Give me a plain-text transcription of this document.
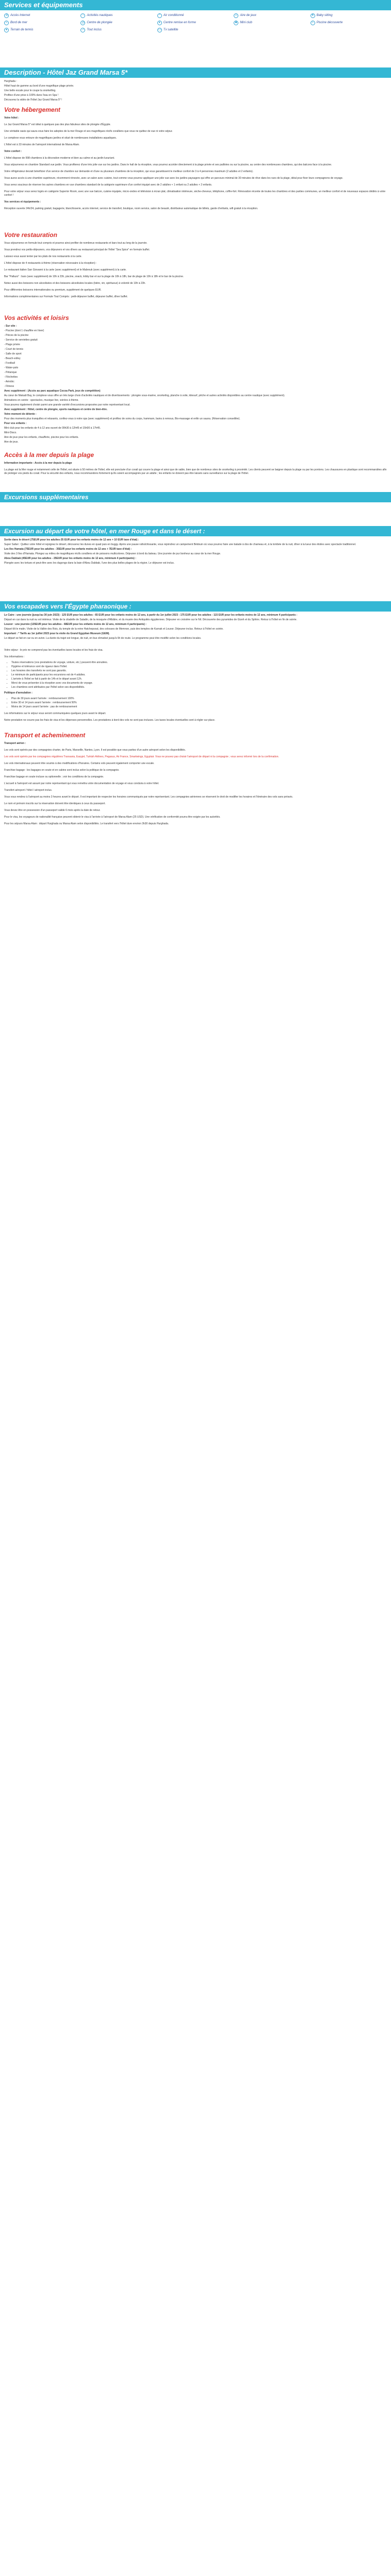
Services et équipements
≋ Accès Internet	~ Activités nautiques	*	Air conditionné	☺ Aire de jeux	♥ Baby sitting
≈ Bord de mer	◎ Centre de plongée	♦ Centre remise en forme	☻ Mini club	≈ Piscine découverte
● Terrain de tennis	✓ Tout inclus	▭ Tv satellite
Description - Hôtel Jaz Grand Marsa 5*

Hurghada :

Hôtel haut de gamme au bord d'une magnifique plage privée.

Une belle escale pour le coupe la snorkelling.

Profitez d'une prise à 100% dans l'eau en Spa !

Découvrez la vidéo de l'hôtel Jaz Grand Marsa 5* !

Votre hébergement

Votre hôtel :

Le Jaz Grand Marsa 5* est idéal à quelques pas des plus fabuleux sites de plongée d'Égypte.

Une véritable oasis qui saura vous faire les adeptes de la mer Rouge et ses magnifiques récifs coralliens que vous ne quittez de vue ni votre séjour.

Le complexe vous entoure de magnifiques jardins et situé de nombreuses installations aquatiques.

L'hôtel est à 33 minutes de l'aéroport international de Marsa Alam.

Votre confort :

L'hôtel dispose de 998 chambres à la décoration moderne et bien au calme et au jardin luxuriant.

Vous séjournerez en chambre Standard vue jardin. Vous profiterez d'une très jolie vue sur les jardins. Dans le hall de la réception, vous pourrez accéder directement à la plage privée et ses paillotes ou sur la piscine, au centre des nombreuses chambres, qui des balcons face à la piscine.

Votre réfrigérateur devrait bénéficier d'un service de chambre sur demande et d'une ou plusieurs chambres de la réception, qui vous garantissent le meilleur confort de 3 à 4 personnes maximum (2 adultes et 2 enfants).

Vous aurez accès à une chambre supérieure, récemment rénovée, avec un salon avec cuisine, tout comme vous pourrez appliquer une jolie vue avec les jardins paysagers qui offre un parcours minimal de 30 minutes de rêve dans les rues de la plage, idéal pour fixer leurs compagnons de voyage.

Vous serez soucieux de réserver les autres chambres en vue chambres standard de la catégorie supérieure d'un confort équipé avec de 2 adultes + 1 enfant ou 2 adultes + 2 enfants.

Pour votre séjour vous serez logés en catégorie Superior Room, avec une vue balcon, cuisine équipée, micro-ondes et télévision à écran plat, climatisation intérieure, sèche-cheveux, téléphone, coffre-fort. Rénovation récente de toutes les chambres et des parties communes, un meilleur confort et de nouveaux espaces dédiés à votre confort !

Vos services et équipements :

Réception ouverte 24h/24, parking gratuit, bagagerie, blanchisserie, accès internet, service de transfert, boutique, room service, salon de beauté, distributeur automatique de billets, garde d'enfants, wifi gratuit à la réception.

Votre restauration

Vous séjournerez en formule tout compris et pourrez ainsi profiter de nombreux restaurants et bars tout au long de la journée.

Vous prendrez vos petits-déjeuners, vos déjeuners et vos dîners au restaurant principal de l'hôtel "Sea Spice" en formule buffet.

Laissez-vous aussi tenter par les plats de nos restaurants à la carte.

L'hôtel dispose de 4 restaurants à thème (réservation nécessaire à la réception) :

Le restaurant italien San Giovanni à la carte (avec supplément) et le Mabrouk (avec supplément) à la carte.

Bar "Pallazo" : bars (avec supplément) de 10h à 23h, piscine, snack, lobby bar et sur la plage de 10h à 18h, bar de plage de 10h à 18h et le bar de la piscine.

Notez aussi des boissons non alcoolisées et des boissons alcoolisées locales (bière, vin, spiritueux) à volonté de 10h à 23h.

Pour différentes boissons internationales ou premium, supplément de quelques EUR.

Informations complémentaires sur Formule Tout Compris : petit-déjeuner buffet, déjeuner buffet, dîner buffet.

Vos activités et loisirs

- Sur site :

- Piscine (dont 1 chauffée en hiver)

- Pièces de la piscine

- Service de serviettes gratuit

- Plage privée

- Court de tennis

- Salle de sport

- Beach-volley

- Football

- Water-polo

- Pétanque

- Fléchettes

- Aérobic

- Fitness

Avec supplément : (Accès au parc aquatique Cocoa Park, jeux de compétition)

Au cœur de Makadi Bay, le complexe vous offre un très large choix d'activités nautiques et de divertissements : plongée sous-marine, snorkeling, planche à voile, kitesurf, pêche et autres activités disponibles au centre nautique (avec supplément).

Animations en soirée : spectacles, musique live, soirées à thème.

Vous pourrez également choisir parmi une grande variété d'excursions proposées par notre représentant local.

Avec supplément : Hôtel, centre de plongée, sports nautiques et centre de bien-être.

Votre moment de détente :

Pour des moments plus tranquilles et relaxants, confiez-vous à notre spa (avec supplément) et profitez de soins du corps, hammam, bains à remous, Bio-massage et enfin un sauna. (Réservation conseillée).

Pour vos enfants :

Mini club pour les enfants de 4 à 12 ans ouvert de 09h30 à 12h45 et 15h00 à 17h45.

Mini-Disco.

Aire de jeux pour les enfants, chaufferie, piscine pour les enfants.

Aire de jeux.

Accès à la mer depuis la plage

Information importante : Accès à la mer depuis la plage

La plage est la Mer rouge et notamment celle de l'hôtel, est située à 50 mètres de l'hôtel, elle est ponctuée d'un corail qui couvre la plage et ainsi que de sable, bien que de nombreux sites de snorkeling à proximité. Les clients peuvent se baigner depuis la plage ou par les pontons. Les chaussures en plastique sont recommandées afin de protéger vos pieds du corail. Pour la sécurité des enfants, nous recommandons fortement qu'ils soient accompagnés par un adulte ; les enfants ne doivent pas être laissés sans surveillance sur la plage de l'hôtel.

Excursions supplémentaires
Excursion au départ de votre hôtel, en mer Rouge et dans le désert :

Sortie dans le désert (75EUR pour les adultes-35 EUR pour les enfants moins de 12 ans + 10 EUR taxe d'état) :

Super Safari : Quittez votre hôtel et rejoignez le désert, découvrez les dunes en quad puis en buggy. Après une pause rafraîchissante, vous rejoindrez un campement Bédouin où vous pourrez faire une balade à dos de chameau et, à la tombée de la nuit, dîner à la lueur des étoiles avec spectacle traditionnel.

Les îles Hamata (75EUR pour les adultes - 35EUR pour les enfants moins de 12 ans + 7EUR taxe d'état) :

Visite des 3 îles d'Hamata. Plongez au milieu de magnifiques récifs coralliens et de poissons multicolores. Déjeuner à bord du bateau. Une journée de pur bonheur au cœur de la mer Rouge.

Abou Dabbab (45EUR pour les adultes - 25EUR pour les enfants moins de 12 ans, minimum 4 participants) :

Plongée avec les tortues et peut-être avec les dugongs dans la baie d'Abou Dabbab, l'une des plus belles plages de la région. Le déjeuner est inclus.

Vos escapades vers l'Égypte pharaonique :

Le Caire : une journée (jusqu'au 30 juin 2023) - 125 EUR pour les adultes - 65 EUR pour les enfants moins de 12 ans, à partir du 1er juillet 2023 : 175 EUR pour les adultes - 115 EUR pour les enfants moins de 12 ans, minimum 4 participants :

Départ en car dans la nuit ou vol intérieur. Visite de la citadelle de Saladin, de la mosquée d'Albâtre, et du musée des Antiquités égyptiennes. Déjeuner en croisière sur le Nil. Découverte des pyramides de Gizeh et du Sphinx. Retour à l'hôtel en fin de soirée.

Louxor : une journée (135EUR pour les adultes - 68EUR pour les enfants moins de 12 ans, minimum 4 participants) :

Départ tôt le matin. Visite de la Vallée des Rois, du temple de la reine Hatchepsout, des colosses de Memnon, puis des temples de Karnak et Louxor. Déjeuner inclus. Retour à l'hôtel en soirée.

Important : * Tarifs au 1er juillet 2023 pour la visite du Grand Egyptian Museum (GEM).

Le départ se fait en car ou en avion. La durée du trajet est longue, de nuit, en bus climatisé jusqu'à 6h de route. Le programme peut être modifié selon les conditions locales.

Votre séjour : le prix ne comprend pas les éventuelles taxes locales et les frais de visa.

Vos informations :

• Toutes réservations (vos prestations de voyage, voiture, etc.) peuvent être annulées.
• Hygiène et tolérance sont de rigueur dans l'hôtel.
• Les horaires des transferts ne sont pas garantis.
• Le minimum de participants pour les excursions est de 4 adultes.
• L'arrivée à l'hôtel se fait à partir de 14h et le départ avant 12h.
• Merci de vous présenter à la réception avec vos documents de voyage.
• Les chambres sont attribuées par l'hôtel selon ses disponibilités.

Politique d'annulation :

• Plus de 30 jours avant l'arrivée : remboursement 100%
• Entre 30 et 14 jours avant l'arrivée : remboursement 50%
• Moins de 14 jours avant l'arrivée : pas de remboursement

Les informations sur le séjour vous seront communiquées quelques jours avant le départ.

Notre prestation ne couvre pas les frais de visa et les dépenses personnelles. Les prestations à bord des vols ne sont pas incluses. Les taxes locales éventuelles sont à régler sur place.

Transport et acheminement

Transport aérien :

Les vols sont opérés par des compagnies charter, de Paris, Marseille, Nantes, Lyon. Il est possible que vous partiez d'un autre aéroport selon les disponibilités.

Les vols sont opérés par les compagnies régulières Transavia, Easyjet, Turkish Airlines, Pegasus, Air France, Smartwings, Egyptair. Vous ne pouvez pas choisir l'aéroport de départ ni la compagnie ; vous serez informé lors de la confirmation.

Les vols internationaux peuvent être soumis à des modifications d'horaires. Certains vols peuvent également comporter une escale.

Franchise bagage : les bagages en soute et en cabine sont inclus selon la politique de la compagnie.

Franchise bagage en soute incluse ou optionnelle ; voir les conditions de la compagnie.

L'accueil à l'aéroport est assuré par notre représentant qui vous remettra votre documentation de voyage et vous conduira à votre hôtel.

Transfert aéroport / hôtel / aéroport inclus.

Vous vous rendrez à l'aéroport au moins 3 heures avant le départ. Il est important de respecter les horaires communiqués par notre représentant. Les compagnies aériennes se réservent le droit de modifier les horaires et l'itinéraire des vols sans préavis.

Le nom et prénom inscrits sur la réservation doivent être identiques à ceux du passeport.

Vous devez être en possession d'un passeport valide 6 mois après la date de retour.

Pour le visa, les voyageurs de nationalité française peuvent obtenir le visa à l'arrivée à l'aéroport de Marsa Alam (25 USD). Une vérification de conformité pourra être exigée par les autorités.

Pour les séjours Marsa Alam : départ Hurghada ou Marsa Alam selon disponibilités. Le transfert vers l'hôtel dure environ 3h30 depuis Hurghada.
